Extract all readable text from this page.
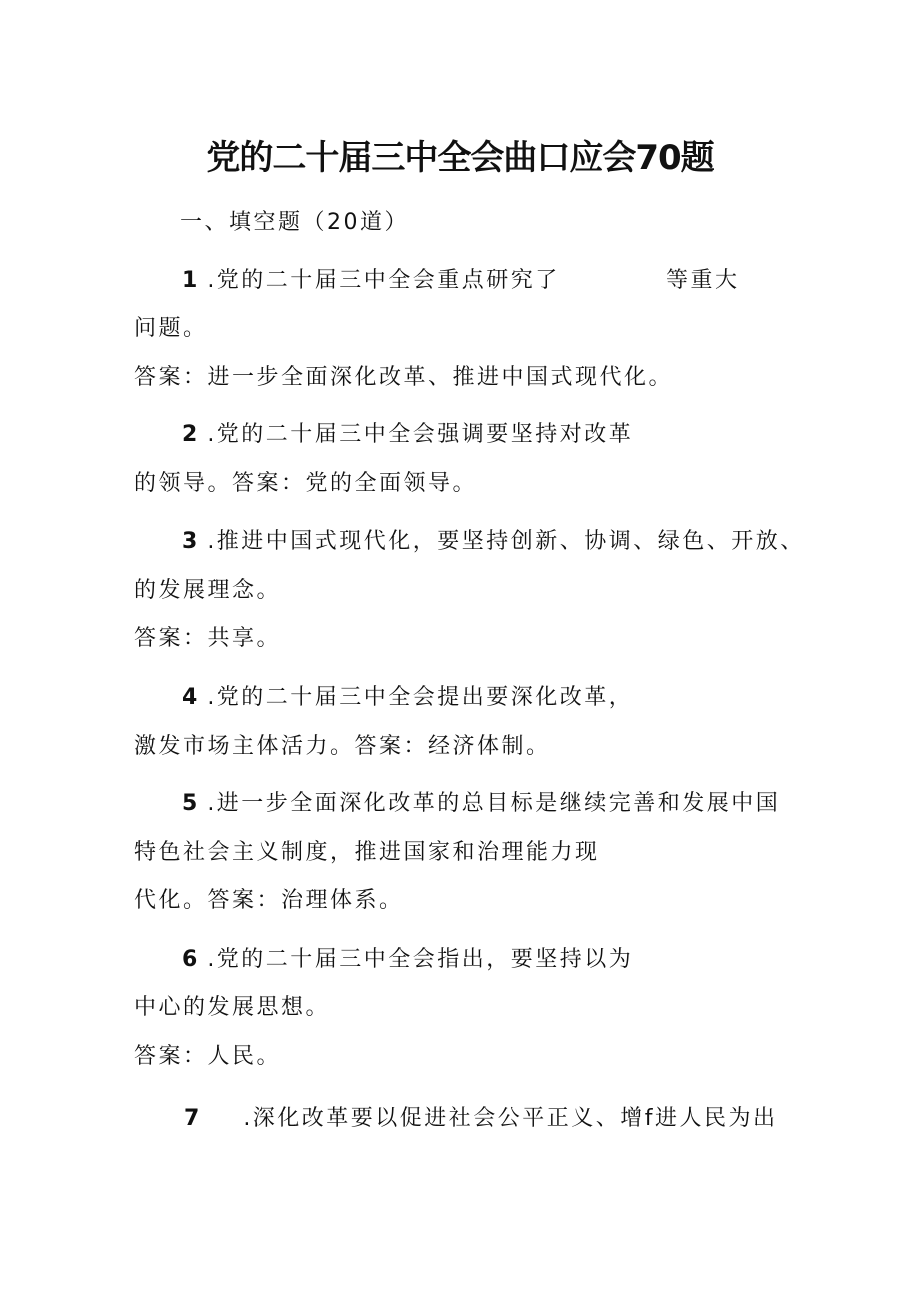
党的二十届三中全会曲口应会70题
一、填空题（20道）
1 .党的二十届三中全会重点研究了	等重大
问题。
答案：进一步全面深化改革、推进中国式现代化。
2 .党的二十届三中全会强调要坚持对改革
的领导。答案：党的全面领导。
3 .推进中国式现代化，要坚持创新、协调、绿色、开放、
的发展理念。
答案：共享。
4 .党的二十届三中全会提出要深化改革，
激发市场主体活力。答案：经济体制。
5 .进一步全面深化改革的总目标是继续完善和发展中国
特色社会主义制度，推进国家和治理能力现
代化。答案：治理体系。
6 .党的二十届三中全会指出，要坚持以为
中心的发展思想。
答案：人民。
7 .深化改革要以促进社会公平正义、增f进人民为出
